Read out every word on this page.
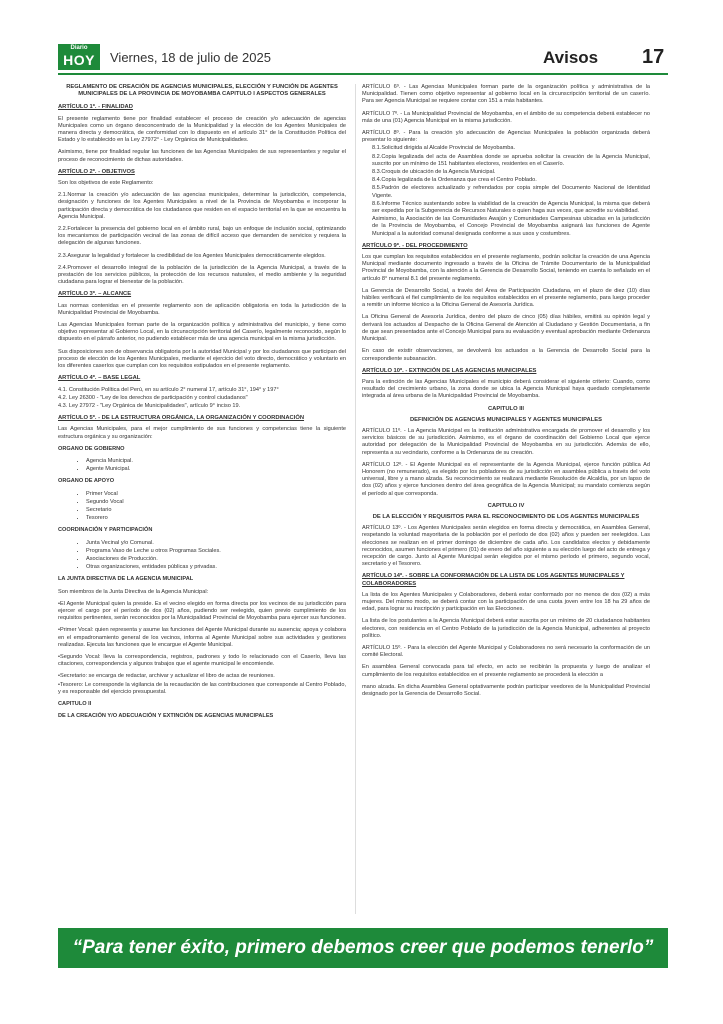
Diario
HOY	Viernes, 18 de julio de 2025	Avisos 17

REGLAMENTO DE CREACIÓN DE AGENCIAS MUNICIPALES, ELECCIÓN Y FUNCIÓN DE AGENTES MUNICIPALES DE LA PROVINCIA DE MOYOBAMBA CAPITULO I ASPECTOS GENERALES

ARTÍCULO 1º. - FINALIDAD

El presente reglamento tiene por finalidad establecer el proceso de creación y/o adecuación de agencias Municipales como un órgano desconcentrado de la Municipalidad y la elección de los Agentes Municipales de manera directa y democrática, de conformidad con lo dispuesto en el artículo 31° de la Constitución Política del Estado y lo establecido en la Ley 27972° - Ley Orgánica de Municipalidades.

Asimismo, tiene por finalidad regular las funciones de las Agencias Municipales de sus representantes y regular el proceso de reconocimiento de dichas autoridades.

ARTÍCULO 2º. - OBJETIVOS

Son los objetivos de este Reglamento:

2.1.Normar la creación y/o adecuación de las agencias municipales, determinar la jurisdicción, competencia, designación y funciones de los Agentes Municipales a nivel de la Provincia de Moyobamba e incorporar la participación directa y democrática de los ciudadanos que residen en el espacio territorial en la que se encuentra la Agencia Municipal.

2.2.Fortalecer la presencia del gobierno local en el ámbito rural, bajo un enfoque de inclusión social, optimizando los mecanismos de participación vecinal de las zonas de difícil acceso que demanden de servicios y requiera la delegación de algunas funciones.

2.3.Asegurar la legalidad y fortalecer la credibilidad de los Agentes Municipales democráticamente elegidos.

2.4.Promover el desarrollo integral de la población de la jurisdicción de la Agencia Municipal, a través de la prestación de los servicios públicos, la protección de los recursos naturales, el medio ambiente y la seguridad ciudadana para lograr el bienestar de la población.

ARTÍCULO 3º. – ALCANCE

Las normas contenidas en el presente reglamento son de aplicación obligatoria en toda la jurisdicción de la Municipalidad Provincial de Moyobamba.

Las Agencias Municipales forman parte de la organización política y administrativa del municipio, y tiene como objetivo representar al Gobierno Local, en la circunscripción territorial del Caserío, legalmente reconocido, según lo dispuesto en el párrafo anterior, no pudiendo establecer más de una agencia municipal en la misma jurisdicción.

Sus disposiciones son de observancia obligatoria por la autoridad Municipal y por los ciudadanos que participan del proceso de elección de los Agentes Municipales, mediante el ejercicio del voto directo, democrático y voluntario en los diferentes caseríos que cumplan con los requisitos estipulados en el presente reglamento.

ARTÍCULO 4º. – BASE LEGAL

4.1. Constitución Política del Perú, en su artículo 2° numeral 17, artículo 31°, 194° y 197°

4.2. Ley 26300 - "Ley de los derechos de participación y control ciudadanos"

4.3. Ley 27972 - "Ley Orgánica de Municipalidades", artículo 9° inciso 19.

ARTÍCULO 5º. - DE LA ESTRUCTURA ORGÁNICA, LA ORGANIZACIÓN Y COORDINACIÓN

Las Agencias Municipales, para el mejor cumplimiento de sus funciones y competencias tiene la siguiente estructura orgánica y su organización:

ORGANO DE GOBIERNO

• Agencia Municipal.
• Agente Municipal.

ORGANO DE APOYO

• Primer Vocal
• Segundo Vocal
• Secretario
• Tesorero

COORDINACIÓN Y PARTICIPACIÓN

• Junta Vecinal y/o Comunal.
• Programa Vaso de Leche u otros Programas Sociales.
• Asociaciones de Producción.
• Otras organizaciones, entidades públicas y privadas.

LA JUNTA DIRECTIVA DE LA AGENCIA MUNICIPAL

Son miembros de la Junta Directiva de la Agencia Municipal:

•El Agente Municipal quien la preside. Es el vecino elegido en forma directa por los vecinos de su jurisdicción para ejercer el cargo por el período de dos (02) años, pudiendo ser reelegido, quien previo cumplimiento de los requisitos pertinentes, serán reconocidos por la Municipalidad Provincial de Moyobamba para ejercer sus funciones.

•Primer Vocal: quien representa y asume las funciones del Agente Municipal durante su ausencia; apoya y colabora en el empadronamiento general de los vecinos, informa al Agente Municipal sobre sus actividades y gestiones realizadas. Ejecuta las funciones que le encargue el Agente Municipal.

•Segundo Vocal: lleva la correspondencia, registros, padrones y todo lo relacionado con el Caserío, lleva las citaciones, correspondencia y algunos trabajos que el agente municipal le encomiende.

•Secretario: se encarga de redactar, archivar y actualizar el libro de actas de reuniones.

•Tesorero: Le corresponde la vigilancia de la recaudación de las contribuciones que corresponde al Centro Poblado, y es responsable del ejercicio presupuestal.

CAPITULO II

DE LA CREACIÓN Y/O ADECUACIÓN Y EXTINCIÓN DE AGENCIAS MUNICIPALES

ARTÍCULO 6º. - Las Agencias Municipales forman parte de la organización política y administrativa de la Municipalidad. Tienen como objetivo representar al gobierno local en la circunscripción territorial de un caserío. Para ser Agencia Municipal se requiere contar con 151 a más habitantes.

ARTÍCULO 7º. - La Municipalidad Provincial de Moyobamba, en el ámbito de su competencia deberá establecer no más de una (01) Agencia Municipal en la misma jurisdicción.

ARTÍCULO 8º. - Para la creación y/o adecuación de Agencias Municipales la población organizada deberá presentar lo siguiente:

8.1.Solicitud dirigida al Alcalde Provincial de Moyobamba.

8.2.Copia legalizada del acta de Asamblea donde se aprueba solicitar la creación de la Agencia Municipal, suscrito por un mínimo de 151 habitantes electores, residentes en el Caserío.

8.3.Croquis de ubicación de la Agencia Municipal.

8.4.Copia legalizada de la Ordenanza que crea el Centro Poblado.

8.5.Padrón de electores actualizado y refrendados por copia simple del Documento Nacional de Identidad Vigente.

8.6.Informe Técnico sustentando sobre la viabilidad de la creación de Agencia Municipal, la misma que deberá ser expedida por la Subgerencia de Recursos Naturales o quien haga sus veces, que acredite su viabilidad.

Asimismo, la Asociación de las Comunidades Awajún y Comunidades Campesinas ubicadas en la jurisdicción de la Provincia de Moyobamba, el Concejo Provincial de Moyobamba asignará las funciones de Agente Municipal a la autoridad comunal designada conforme a sus usos y costumbres.

ARTÍCULO 9º. - DEL PROCEDIMIENTO

Los que cumplan los requisitos establecidos en el presente reglamento, podrán solicitar la creación de una Agencia Municipal mediante documento ingresado a través de la Oficina de Trámite Documentario de la Municipalidad Provincial de Moyobamba, con la atención a la Gerencia de Desarrollo Social, teniendo en cuenta lo señalado en el artículo 8° numeral 8.1 del presente reglamento.

La Gerencia de Desarrollo Social, a través del Área de Participación Ciudadana, en el plazo de diez (10) días hábiles verificará el fiel cumplimiento de los requisitos establecidos en el presente reglamento, para luego proceder a remitir un informe técnico a la Oficina General de Asesoría Jurídica.

La Oficina General de Asesoría Jurídica, dentro del plazo de cinco (05) días hábiles, emitirá su opinión legal y derivará los actuados al Despacho de la Oficina General de Atención al Ciudadano y Gestión Documentaria, a fin de que sean presentados ante el Concejo Municipal para su evaluación y eventual aprobación mediante Ordenanza Municipal.

En caso de existir observaciones, se devolverá los actuados a la Gerencia de Desarrollo Social para la correspondiente subsanación.

ARTÍCULO 10º. - EXTINCIÓN DE LAS AGENCIAS MUNICIPALES

Para la extinción de las Agencias Municipales el municipio deberá considerar el siguiente criterio: Cuando, como resultado del crecimiento urbano, la zona donde se ubica la Agencia Municipal haya quedado completamente integrada al área urbana de la Municipalidad Provincial de Moyobamba.

CAPITULO III
DEFINICIÓN DE AGENCIAS MUNICIPALES Y AGENTES MUNICIPALES

ARTÍCULO 11º. - La Agencia Municipal es la institución administrativa encargada de promover el desarrollo y los servicios básicos de su jurisdicción. Asimismo, es el órgano de coordinación del Gobierno Local que ejerce autoridad por delegación de la Municipalidad Provincial de Moyobamba en su jurisdicción. Además de ello, representa a su vecindario, conforme a la Ordenanza de su creación.

ARTÍCULO 12º. - El Agente Municipal es el representante de la Agencia Municipal, ejerce función pública Ad Honorem (no remunerado), es elegido por los pobladores de su jurisdicción en asamblea pública a través del voto universal, libre y a mano alzada. Su reconocimiento se realizará mediante Resolución de Alcaldía, por un lapso de dos (02) años y ejerce funciones dentro del área geográfica de la Agencia Municipal; su mandato comienza según el período al que corresponda.

CAPITULO IV
DE LA ELECCIÓN Y REQUISITOS PARA EL RECONOCIMIENTO DE LOS AGENTES MUNICIPALES

ARTÍCULO 13º. - Los Agentes Municipales serán elegidos en forma directa y democrática, en Asamblea General, respetando la voluntad mayoritaria de la población por el período de dos (02) años y pueden ser reelegidos. Las elecciones se realizan en el primer domingo de diciembre de cada año. Los candidatos electos y debidamente reconocidos, asumen funciones el primero (01) de enero del año siguiente a su elección luego del acto de entrega y recepción de cargo. Junto al Agente Municipal serán elegidos por el mismo período el primero, segundo vocal, secretario y el Tesorero.

ARTÍCULO 14º. - SOBRE LA CONFORMACIÓN DE LA LISTA DE LOS AGENTES MUNICIPALES Y COLABORADORES

La lista de los Agentes Municipales y Colaboradores, deberá estar conformado por no menos de dos (02) a más mujeres. Del mismo modo, se deberá contar con la participación de una cuota joven entre los 18 ha 29 años de edad, para lograr su inscripción y participación en las Elecciones.

La lista de los postulantes a la Agencia Municipal deberá estar suscrita por un mínimo de 20 ciudadanos habitantes electores, con residencia en el Centro Poblado de la jurisdicción de la Agencia Municipal, adherentes al proyecto político.

ARTÍCULO 15º. - Para la elección del Agente Municipal y Colaboradores no será necesario la conformación de un comité Electoral.

En asamblea General convocada para tal efecto, en acto se recibirán la propuesta y luego de analizar el cumplimiento de los requisitos establecidos en el presente reglamento se procederá la elección a

mano alzada. En dicha Asamblea General optativamente podrán participar veedores de la Municipalidad Provincial designado por la Gerencia de Desarrollo Social.

“Para tener éxito, primero debemos creer que podemos tenerlo”
